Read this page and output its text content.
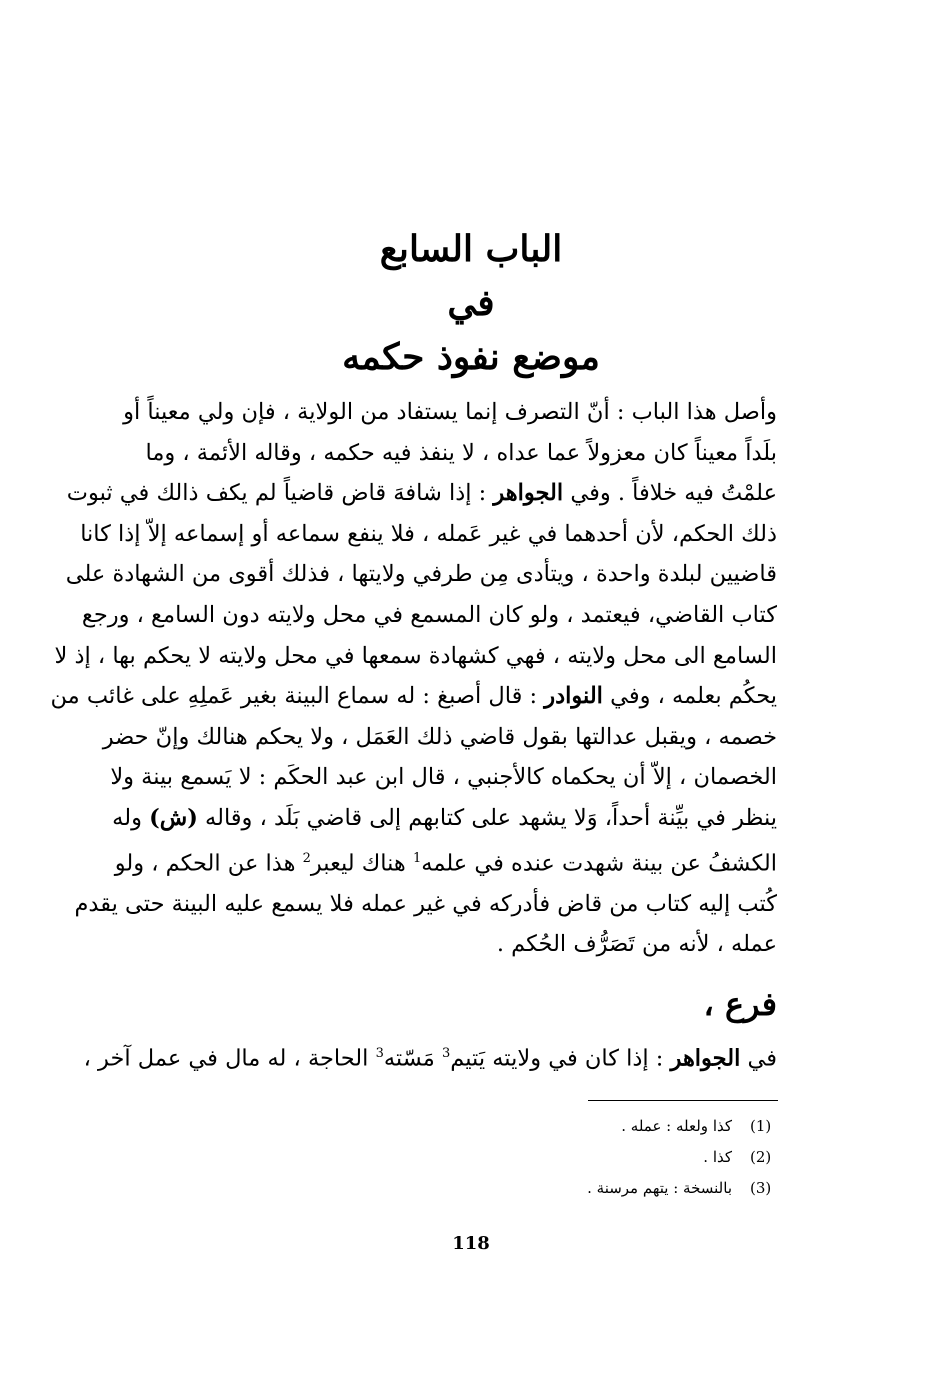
الباب السابع
في
موضع نفوذ حكمه
وأصل هذا الباب : أنّ التصرف إنما يستفاد من الولاية ، فإن ولي معيناً أو
بلَداً معيناً كان معزولاً عما عداه ، لا ينفذ فيه حكمه ، وقاله الأئمة ، وما
علمْتُ فيه خلافاً . وفي الجواهر : إذا شافهَ قاض قاضياً لم يكف ذالك في ثبوت
ذلك الحكم، لأن أحدهما في غير عَمله ، فلا ينفع سماعه أو إسماعه إلاّ إذا كانا
قاضيين لبلدة واحدة ، ويتأدى مِن طرفي ولايتها ، فذلك أقوى من الشهادة على
كتاب القاضي، فيعتمد ، ولو كان المسمع في محل ولايته دون السامع ، ورجع
السامع الى محل ولايته ، فهي كشهادة سمعها في محل ولايته لا يحكم بها ، إذ لا
يحكُم بعلمه ، وفي النوادر : قال أصبغ : له سماع البينة بغير عَملِهِ على غائب من
خصمه ، ويقبل عدالتها بقول قاضي ذلك العَمَل ، ولا يحكم هنالك وإنّ حضر
الخصمان ، إلاّ أن يحكماه كالأجنبي ، قال ابن عبد الحكَم : لا يَسمع بينة ولا
ينظر في بيِّنة أحداً، وَلا يشهد على كتابهم إلى قاضي بَلَد ، وقاله (ش) وله
الكشفُ عن بينة شهدت عنده في علمه$^1$ هناك ليعبر$^2$ هذا عن الحكم ، ولو
كُتب إليه كتاب من قاض فأدركه في غير عمله فلا يسمع عليه البينة حتى يقدم
عمله ، لأنه من تَصَرُّف الحُكم .
فرع ،
في الجواهر : إذا كان في ولايته يَتيم$^3$ مَسّته$^3$ الحاجة ، له مال في عمل آخر ،
(1)
كذا ولعله : عمله .
(2)
كذا .
(3)
بالنسخة : يتهم مرسنة .
118
